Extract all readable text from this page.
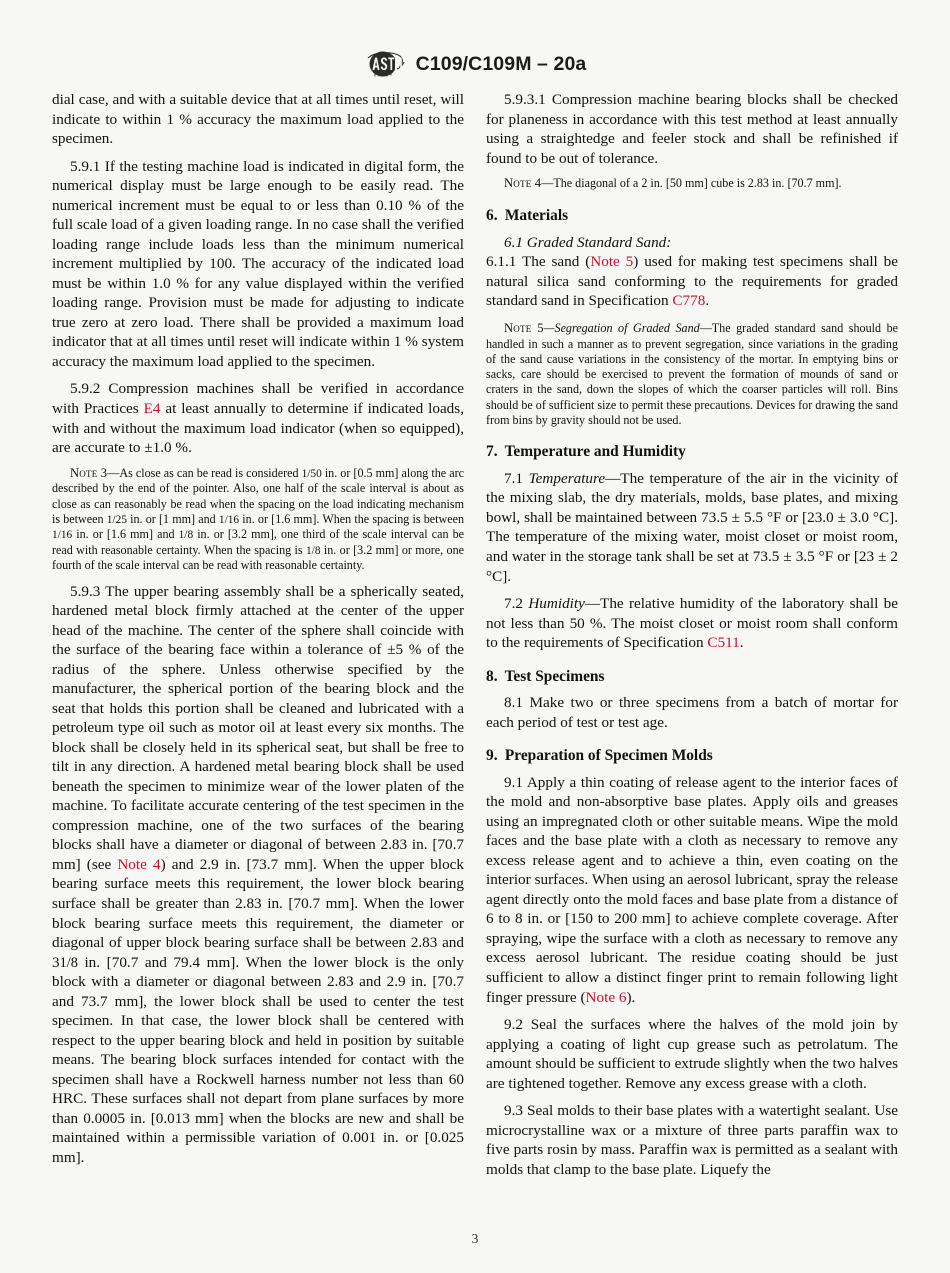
C109/C109M – 20a

dial case, and with a suitable device that at all times until reset, will indicate to within 1 % accuracy the maximum load applied to the specimen.

5.9.1 If the testing machine load is indicated in digital form, the numerical display must be large enough to be easily read. The numerical increment must be equal to or less than 0.10 % of the full scale load of a given loading range. In no case shall the verified loading range include loads less than the minimum numerical increment multiplied by 100. The accuracy of the indicated load must be within 1.0 % for any value displayed within the verified loading range. Provision must be made for adjusting to indicate true zero at zero load. There shall be provided a maximum load indicator that at all times until reset will indicate within 1 % system accuracy the maximum load applied to the specimen.

5.9.2 Compression machines shall be verified in accordance with Practices E4 at least annually to determine if indicated loads, with and without the maximum load indicator (when so equipped), are accurate to ±1.0 %.

Note 3—As close as can be read is considered 1/50 in. or [0.5 mm] along the arc described by the end of the pointer. Also, one half of the scale interval is about as close as can reasonably be read when the spacing on the load indicating mechanism is between 1/25 in. or [1 mm] and 1/16 in. or [1.6 mm]. When the spacing is between 1/16 in. or [1.6 mm] and 1/8 in. or [3.2 mm], one third of the scale interval can be read with reasonable certainty. When the spacing is 1/8 in. or [3.2 mm] or more, one fourth of the scale interval can be read with reasonable certainty.

5.9.3 The upper bearing assembly shall be a spherically seated, hardened metal block firmly attached at the center of the upper head of the machine. The center of the sphere shall coincide with the surface of the bearing face within a tolerance of ±5 % of the radius of the sphere. Unless otherwise specified by the manufacturer, the spherical portion of the bearing block and the seat that holds this portion shall be cleaned and lubricated with a petroleum type oil such as motor oil at least every six months. The block shall be closely held in its spherical seat, but shall be free to tilt in any direction. A hardened metal bearing block shall be used beneath the specimen to minimize wear of the lower platen of the machine. To facilitate accurate centering of the test specimen in the compression machine, one of the two surfaces of the bearing blocks shall have a diameter or diagonal of between 2.83 in. [70.7 mm] (see Note 4) and 2.9 in. [73.7 mm]. When the upper block bearing surface meets this requirement, the lower block bearing surface shall be greater than 2.83 in. [70.7 mm]. When the lower block bearing surface meets this requirement, the diameter or diagonal of upper block bearing surface shall be between 2.83 and 31/8 in. [70.7 and 79.4 mm]. When the lower block is the only block with a diameter or diagonal between 2.83 and 2.9 in. [70.7 and 73.7 mm], the lower block shall be used to center the test specimen. In that case, the lower block shall be centered with respect to the upper bearing block and held in position by suitable means. The bearing block surfaces intended for contact with the specimen shall have a Rockwell harness number not less than 60 HRC. These surfaces shall not depart from plane surfaces by more than 0.0005 in. [0.013 mm] when the blocks are new and shall be maintained within a permissible variation of 0.001 in. or [0.025 mm].

5.9.3.1 Compression machine bearing blocks shall be checked for planeness in accordance with this test method at least annually using a straightedge and feeler stock and shall be refinished if found to be out of tolerance.

Note 4—The diagonal of a 2 in. [50 mm] cube is 2.83 in. [70.7 mm].

6. Materials

6.1 Graded Standard Sand:

6.1.1 The sand (Note 5) used for making test specimens shall be natural silica sand conforming to the requirements for graded standard sand in Specification C778.

Note 5—Segregation of Graded Sand—The graded standard sand should be handled in such a manner as to prevent segregation, since variations in the grading of the sand cause variations in the consistency of the mortar. In emptying bins or sacks, care should be exercised to prevent the formation of mounds of sand or craters in the sand, down the slopes of which the coarser particles will roll. Bins should be of sufficient size to permit these precautions. Devices for drawing the sand from bins by gravity should not be used.

7. Temperature and Humidity

7.1 Temperature—The temperature of the air in the vicinity of the mixing slab, the dry materials, molds, base plates, and mixing bowl, shall be maintained between 73.5 ± 5.5 °F or [23.0 ± 3.0 °C]. The temperature of the mixing water, moist closet or moist room, and water in the storage tank shall be set at 73.5 ± 3.5 °F or [23 ± 2 °C].

7.2 Humidity—The relative humidity of the laboratory shall be not less than 50 %. The moist closet or moist room shall conform to the requirements of Specification C511.

8. Test Specimens

8.1 Make two or three specimens from a batch of mortar for each period of test or test age.

9. Preparation of Specimen Molds

9.1 Apply a thin coating of release agent to the interior faces of the mold and non-absorptive base plates. Apply oils and greases using an impregnated cloth or other suitable means. Wipe the mold faces and the base plate with a cloth as necessary to remove any excess release agent and to achieve a thin, even coating on the interior surfaces. When using an aerosol lubricant, spray the release agent directly onto the mold faces and base plate from a distance of 6 to 8 in. or [150 to 200 mm] to achieve complete coverage. After spraying, wipe the surface with a cloth as necessary to remove any excess aerosol lubricant. The residue coating should be just sufficient to allow a distinct finger print to remain following light finger pressure (Note 6).

9.2 Seal the surfaces where the halves of the mold join by applying a coating of light cup grease such as petrolatum. The amount should be sufficient to extrude slightly when the two halves are tightened together. Remove any excess grease with a cloth.

9.3 Seal molds to their base plates with a watertight sealant. Use microcrystalline wax or a mixture of three parts paraffin wax to five parts rosin by mass. Paraffin wax is permitted as a sealant with molds that clamp to the base plate. Liquefy the

3
